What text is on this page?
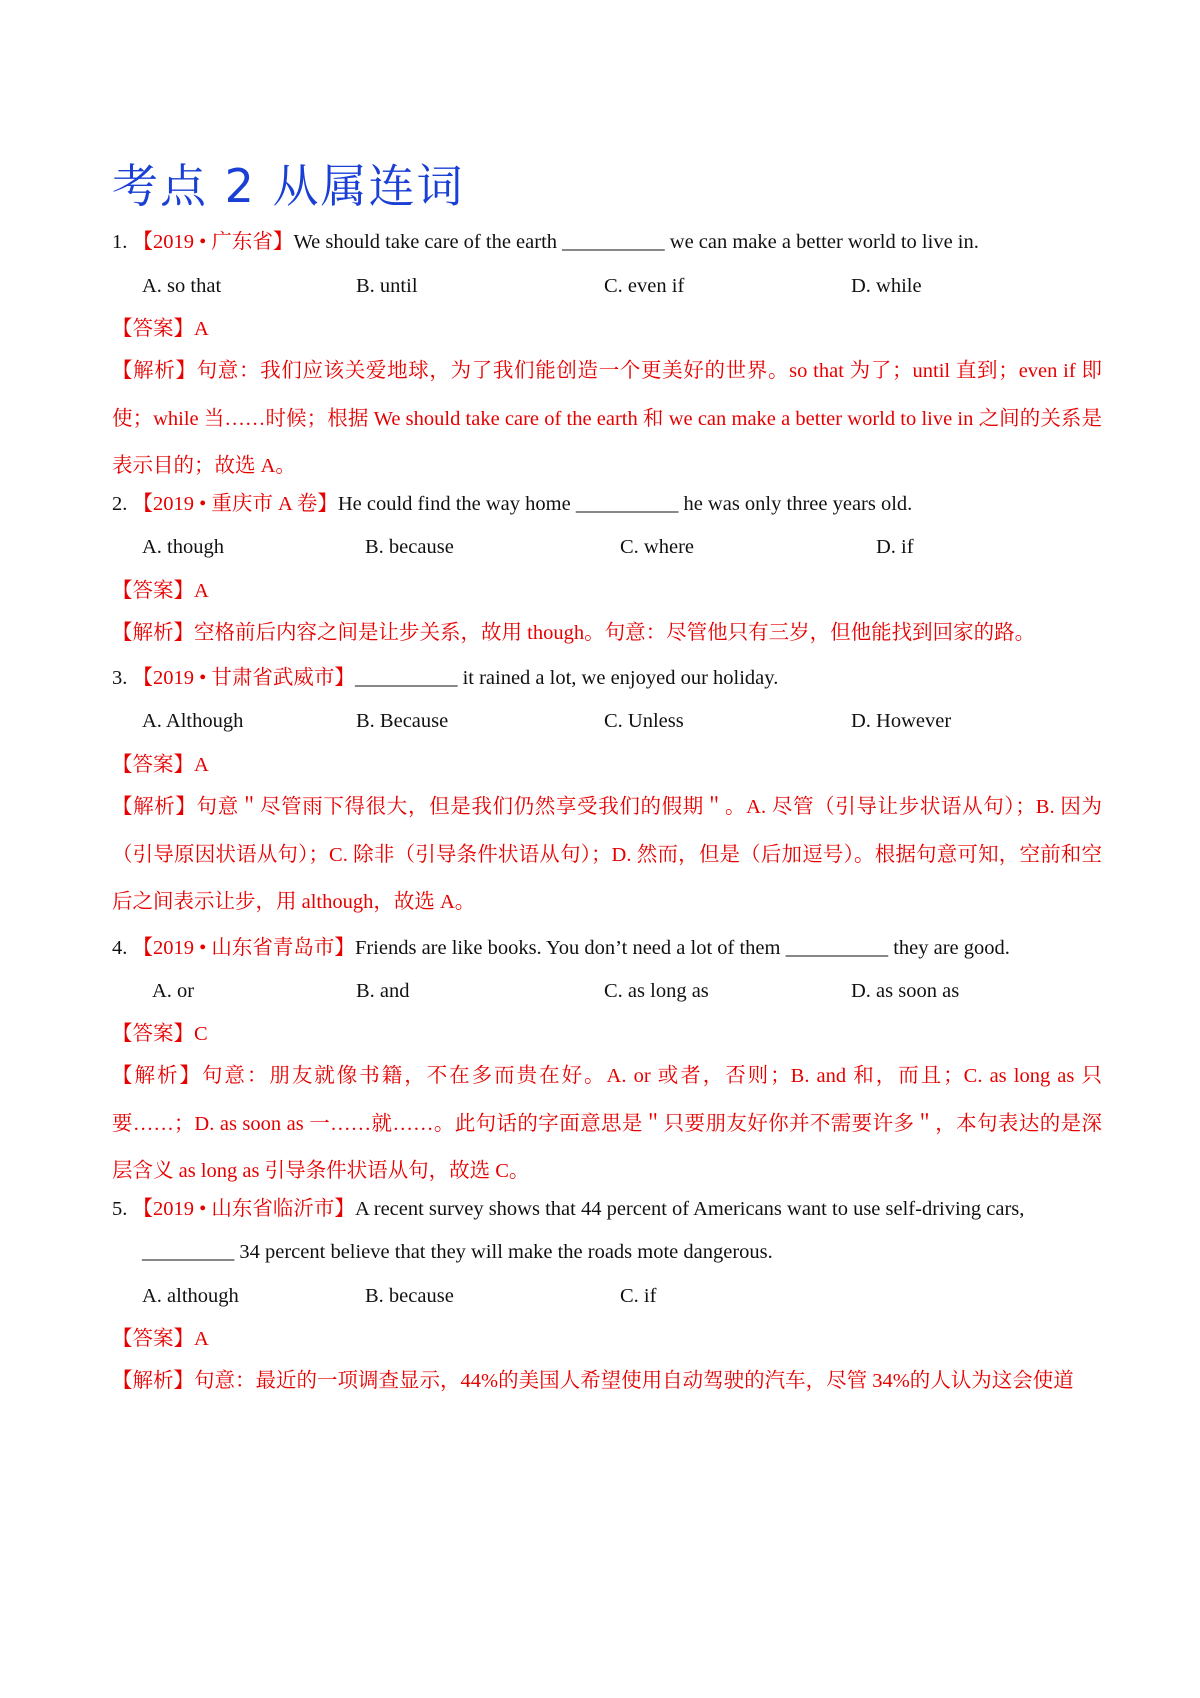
考点 2 从属连词
1. 【2019 • 广东省】We should take care of the earth __________ we can make a better world to live in.
A. so that	B. until	C. even if	D. while
【答案】A
【解析】句意：我们应该关爱地球，为了我们能创造一个更美好的世界。so that 为了；until 直到；even if 即使；while 当……时候；根据 We should take care of the earth 和 we can make a better world to live in 之间的关系是表示目的；故选 A。
2. 【2019 • 重庆市 A 卷】He could find the way home __________ he was only three years old.
A. though	B. because	C. where	D. if
【答案】A
【解析】空格前后内容之间是让步关系，故用 though。句意：尽管他只有三岁，但他能找到回家的路。
3. 【2019 • 甘肃省武威市】__________ it rained a lot, we enjoyed our holiday.
A. Although	B. Because	C. Unless	D. However
【答案】A
【解析】句意＂尽管雨下得很大，但是我们仍然享受我们的假期＂。A. 尽管（引导让步状语从句）；B. 因为（引导原因状语从句）；C. 除非（引导条件状语从句）；D. 然而，但是（后加逗号）。根据句意可知，空前和空后之间表示让步，用 although，故选 A。
4. 【2019 • 山东省青岛市】Friends are like books. You don’t need a lot of them __________ they are good.
A. or	B. and	C. as long as	D. as soon as
【答案】C
【解析】句意：朋友就像书籍，不在多而贵在好。A. or 或者，否则；B. and 和，而且；C. as long as 只要……；D. as soon as 一……就……。此句话的字面意思是＂只要朋友好你并不需要许多＂，本句表达的是深层含义 as long as 引导条件状语从句，故选 C。
5. 【2019 • 山东省临沂市】A recent survey shows that 44 percent of Americans want to use self-driving cars,
_________ 34 percent believe that they will make the roads mote dangerous.
A. although	B. because	C. if
【答案】A
【解析】句意：最近的一项调查显示，44%的美国人希望使用自动驾驶的汽车，尽管 34%的人认为这会使道
